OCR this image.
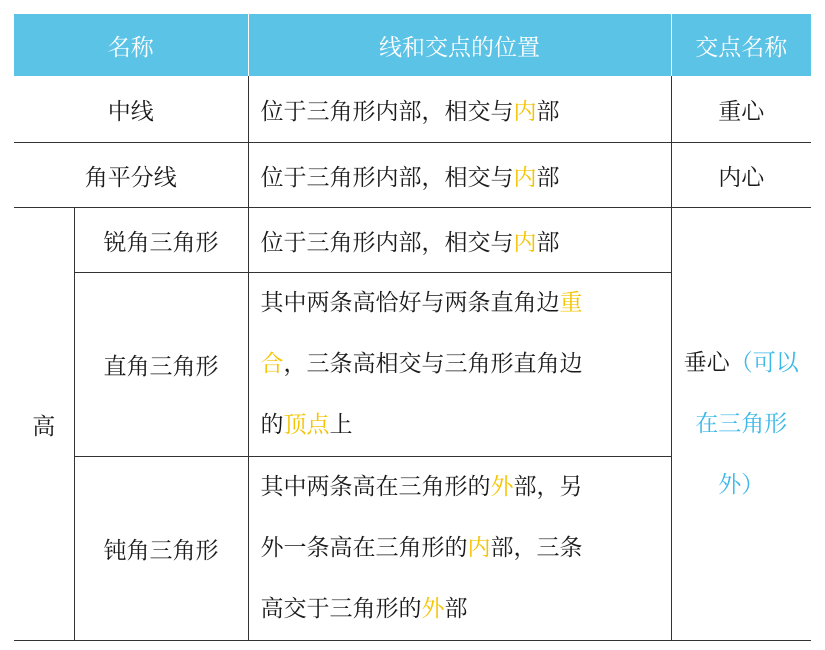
名称		线和交点的位置	交点名称
中线		位于三角形内部，相交与内部	重心
角平分线		位于三角形内部，相交与内部	内心
高	锐角三角形	位于三角形内部，相交与内部	垂心（可以
在三角形
外）

	直角三角形	其中两条高恰好与两条直角边重
合，三条高相交与三角形直角边
的顶点上	

	钝角三角形	其中两条高在三角形的外部，另
外一条高在三角形的内部，三条
高交于三角形的外部	
